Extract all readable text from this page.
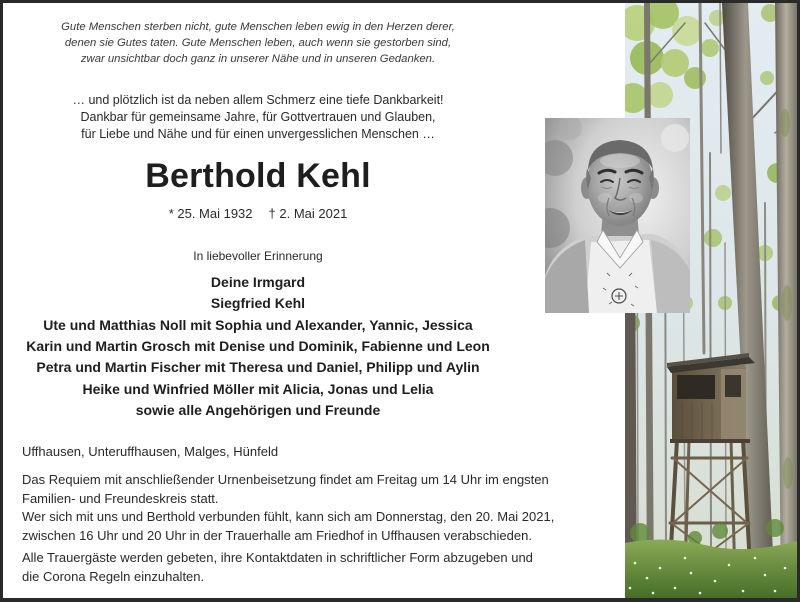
Gute Menschen sterben nicht, gute Menschen leben ewig in den Herzen derer,
denen sie Gutes taten. Gute Menschen leben, auch wenn sie gestorben sind,
zwar unsichtbar doch ganz in unserer Nähe und in unseren Gedanken.
… und plötzlich ist da neben allem Schmerz eine tiefe Dankbarkeit!
Dankbar für gemeinsame Jahre, für Gottvertrauen und Glauben,
für Liebe und Nähe und für einen unvergesslichen Menschen …
Berthold Kehl
* 25. Mai 1932 † 2. Mai 2021
In liebevoller Erinnerung
Deine Irmgard
Siegfried Kehl
Ute und Matthias Noll mit Sophia und Alexander, Yannic, Jessica
Karin und Martin Grosch mit Denise und Dominik, Fabienne und Leon
Petra und Martin Fischer mit Theresa und Daniel, Philipp und Aylin
Heike und Winfried Möller mit Alicia, Jonas und Lelia
sowie alle Angehörigen und Freunde
Uffhausen, Unteruffhausen, Malges, Hünfeld
Das Requiem mit anschließender Urnenbeisetzung findet am Freitag um 14 Uhr im engsten
Familien- und Freundeskreis statt.
Wer sich mit uns und Berthold verbunden fühlt, kann sich am Donnerstag, den 20. Mai 2021,
zwischen 16 Uhr und 20 Uhr in der Trauerhalle am Friedhof in Uffhausen verabschieden.
Alle Trauergäste werden gebeten, ihre Kontaktdaten in schriftlicher Form abzugeben und
die Corona Regeln einzuhalten.
